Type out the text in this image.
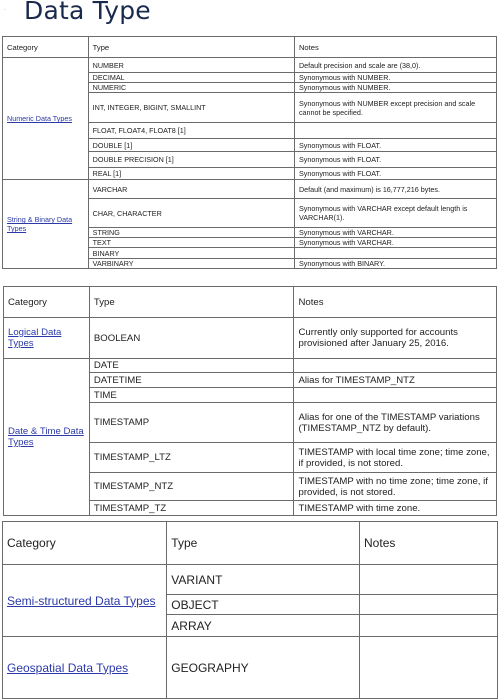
. Data Type
Category	Type	Notes
Numeric Data Types	NUMBER	Default precision and scale are (38,0).
	DECIMAL	Synonymous with NUMBER.
	NUMERIC	Synonymous with NUMBER.
	INT, INTEGER, BIGINT, SMALLINT	Synonymous with NUMBER except precision and scale cannot be specified.
	FLOAT, FLOAT4, FLOAT8 [1]	
	DOUBLE [1]	Synonymous with FLOAT.
	DOUBLE PRECISION [1]	Synonymous with FLOAT.
	REAL [1]	Synonymous with FLOAT.
String & Binary Data Types	VARCHAR	Default (and maximum) is 16,777,216 bytes.
	CHAR, CHARACTER	Synonymous with VARCHAR except default length is VARCHAR(1).
	STRING	Synonymous with VARCHAR.
	TEXT	Synonymous with VARCHAR.
	BINARY	
	VARBINARY	Synonymous with BINARY.
Category	Type	Notes
Logical Data Types	BOOLEAN	Currently only supported for accounts provisioned after January 25, 2016.
Date & Time Data Types	DATE	
	DATETIME	Alias for TIMESTAMP_NTZ
	TIME	
	TIMESTAMP	Alias for one of the TIMESTAMP variations (TIMESTAMP_NTZ by default).
	TIMESTAMP_LTZ	TIMESTAMP with local time zone; time zone, if provided, is not stored.
	TIMESTAMP_NTZ	TIMESTAMP with no time zone; time zone, if provided, is not stored.
	TIMESTAMP_TZ	TIMESTAMP with time zone.
Category	Type	Notes
Semi-structured Data Types	VARIANT	
	OBJECT	
	ARRAY	
Geospatial Data Types	GEOGRAPHY	
